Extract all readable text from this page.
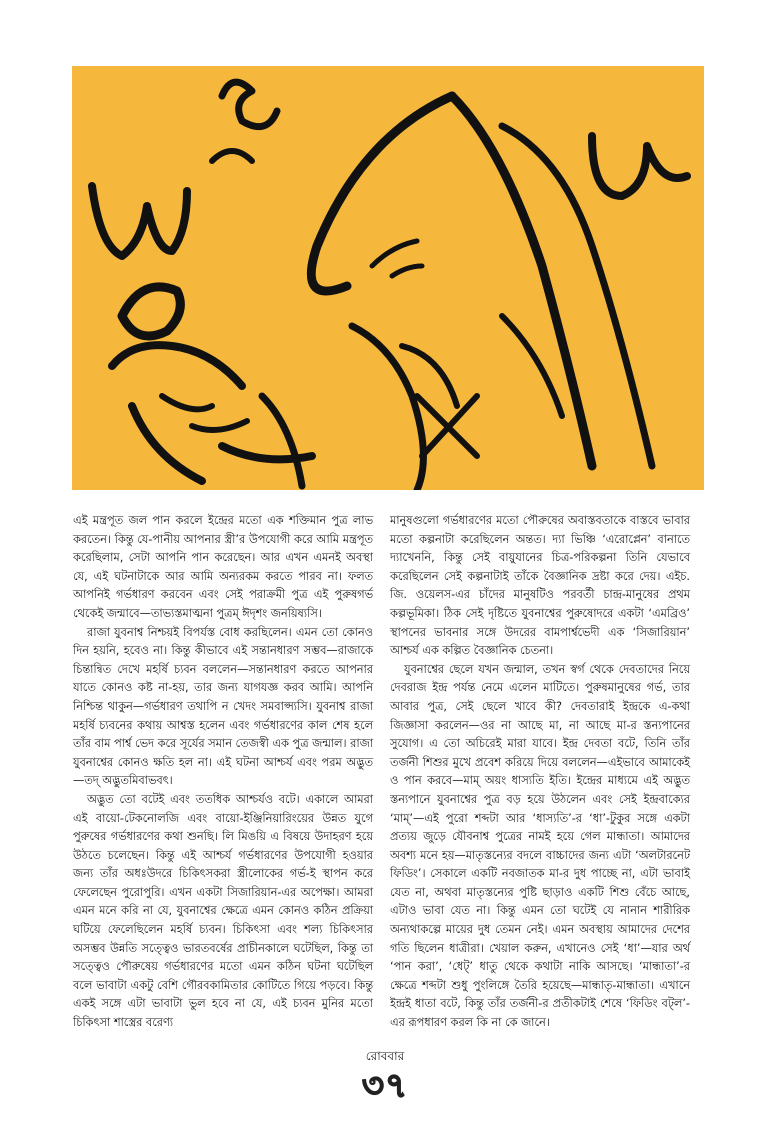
এই মন্ত্রপূত জল পান করলে ইন্দ্রের মতো এক শক্তিমান পুত্র লাভ করতেন। কিন্তু যে-পানীয় আপনার স্ত্রী’র উপযোগী করে আমি মন্ত্রপূত করেছিলাম, সেটা আপনি পান করেছেন। আর এখন এমনই অবস্থা যে, এই ঘটনাটাকে আর আমি অন্যরকম করতে পারব না। ফলত আপনিই গর্ভধারণ করবেন এবং সেই পরাক্রমী পুত্র এই পুরুষগর্ভ থেকেই জন্মাবে—তাভ্যস্তমাত্মনা পুত্রম্ ঈদৃশং জনয়িষ্যসি।

রাজা যুবনাশ্ব নিশ্চয়ই বিপর্যস্ত বোধ করছিলেন। এমন তো কোনও দিন হয়নি, হবেও না। কিন্তু কীভাবে এই সন্তানধারণ সম্ভব—রাজাকে চিন্তান্বিত দেখে মহর্ষি চ্যবন বললেন—সন্তানধারণ করতে আপনার যাতে কোনও কষ্ট না-হয়, তার জন্য যাগযজ্ঞ করব আমি। আপনি নিশ্চিন্ত থাকুন—গর্ভধারণ তথাপি ন খেদং সমবাপ্স্যসি। যুবনাশ্ব রাজা মহর্ষি চ্যবনের কথায় আশ্বস্ত হলেন এবং গর্ভধারণের কাল শেষ হলে তাঁর বাম পার্শ্ব ভেদ করে সূর্যের সমান তেজস্বী এক পুত্র জন্মাল। রাজা যুবনাশ্বের কোনও ক্ষতি হল না। এই ঘটনা আশ্চর্য এবং পরম অদ্ভুত—তদ্ অদ্ভুতমিবাভবৎ।

অদ্ভুত তো বটেই এবং ততধিক আশ্চর্যও বটে। একালে আমরা এই বায়ো-টেকনোলজি এবং বায়ো-ইঞ্জিনিয়ারিংয়ের উন্নত যুগে পুরুষের গর্ভধারণের কথা শুনছি। লি মিঙয়ি এ বিষয়ে উদাহরণ হয়ে উঠতে চলেছেন। কিন্তু এই আশ্চর্য গর্ভধারণের উপযোগী হওয়ার জন্য তাঁর অধঃউদরে চিকিৎসকরা স্ত্রীলোকের গর্ভ-ই স্থাপন করে ফেলেছেন পুরোপুরি। এখন একটা সিজারিয়ান-এর অপেক্ষা। আমরা এমন মনে করি না যে, যুবনাশ্বের ক্ষেত্রে এমন কোনও কঠিন প্রক্রিয়া ঘটিয়ে ফেলেছিলেন মহর্ষি চ্যবন। চিকিৎসা এবং শল্য চিকিৎসার অসম্ভব উন্নতি সত্ত্বেও ভারতবর্ষের প্রাচীনকালে ঘটেছিল, কিন্তু তা সত্ত্বেও পৌরুষেয় গর্ভধারণের মতো এমন কঠিন ঘটনা ঘটেছিল বলে ভাবাটা একটু বেশি গৌরবকামিতার কোটিতে গিয়ে পড়বে। কিন্তু একই সঙ্গে এটা ভাবাটা ভুল হবে না যে, এই চ্যবন মুনির মতো চিকিৎসা শাস্ত্রের বরেণ্য

মানুষগুলো গর্ভধারণের মতো পৌরুষের অবাস্তবতাকে বাস্তবে ভাবার মতো কল্পনাটা করেছিলেন অন্তত। দ্যা ভিঞ্চি ‘এরোপ্লেন’ বানাতে দ্যাখেননি, কিন্তু সেই বায়ুযানের চিত্র-পরিকল্পনা তিনি যেভাবে করেছিলেন সেই কল্পনাটাই তাঁকে বৈজ্ঞানিক দ্রষ্টা করে দেয়। এইচ. জি. ওয়েলস-এর চাঁদের মানুষটিও পরবর্তী চান্দ্র-মানুষের প্রথম কল্পভূমিকা। ঠিক সেই দৃষ্টিতে যুবনাশ্বের পুরুষোদরে একটা ‘এমব্রিও’ স্থাপনের ভাবনার সঙ্গে উদরের বামপার্শ্বভেদী এক ‘সিজারিয়ান’ আশ্চর্য এক কল্পিত বৈজ্ঞানিক চেতনা।

যুবনাশ্বের ছেলে যখন জন্মাল, তখন স্বর্গ থেকে দেবতাদের নিয়ে দেবরাজ ইন্দ্র পর্যন্ত নেমে এলেন মাটিতে। পুরুষমানুষের গর্ভ, তার আবার পুত্র, সেই ছেলে খাবে কী? দেবতারাই ইন্দ্রকে এ-কথা জিজ্ঞাসা করলেন—ওর না আছে মা, না আছে মা-র স্তন্যপানের সুযোগ। এ তো অচিরেই মারা যাবে। ইন্দ্র দেবতা বটে, তিনি তাঁর তর্জনী শিশুর মুখে প্রবেশ করিয়ে দিয়ে বললেন—এইভাবে আমাকেই ও পান করবে—মাম্ অয়ং ধাস্যতি ইতি। ইন্দ্রের মাধ্যমে এই অদ্ভুত স্তন্যপানে যুবনাশ্বের পুত্র বড় হয়ে উঠলেন এবং সেই ইন্দ্রবাক্যের ‘মাম্’—এই পুরো শব্দটা আর ‘ধাস্যতি’-র ‘ধা’-টুকুর সঙ্গে একটা প্রত্যয় জুড়ে যৌবনাশ্ব পুত্রের নামই হয়ে গেল মান্ধাতা। আমাদের অবশ্য মনে হয়—মাতৃস্তন্যের বদলে বাচ্চাদের জন্য এটা ‘অলটারনেট ফিডিং’। সেকালে একটি নবজাতক মা-র দুধ পাচ্ছে না, এটা ভাবাই যেত না, অথবা মাতৃস্তন্যের পুষ্টি ছাড়াও একটি শিশু বেঁচে আছে, এটাও ভাবা যেত না। কিন্তু এমন তো ঘটেই যে নানান শারীরিক অন্যথাকল্পে মায়ের দুধ তেমন নেই। এমন অবস্থায় আমাদের দেশের গতি ছিলেন ধাত্রীরা। খেয়াল করুন, এখানেও সেই ‘ধা’—যার অর্থ ‘পান করা’, ‘ধেট্’ ধাতু থেকে কথাটা নাকি আসছে। ‘মান্ধাতা’-র ক্ষেত্রে শব্দটা শুধু পুংলিঙ্গে তৈরি হয়েছে—মান্ধাতৃ-মান্ধাতা। এখানে ইন্দ্রই ধাতা বটে, কিন্তু তাঁর তর্জনী-র প্রতীকটাই শেষে ‘ফিডিং বট্‌ল’-এর রূপধারণ করল কি না কে জানে।

রোববার
৩৭
